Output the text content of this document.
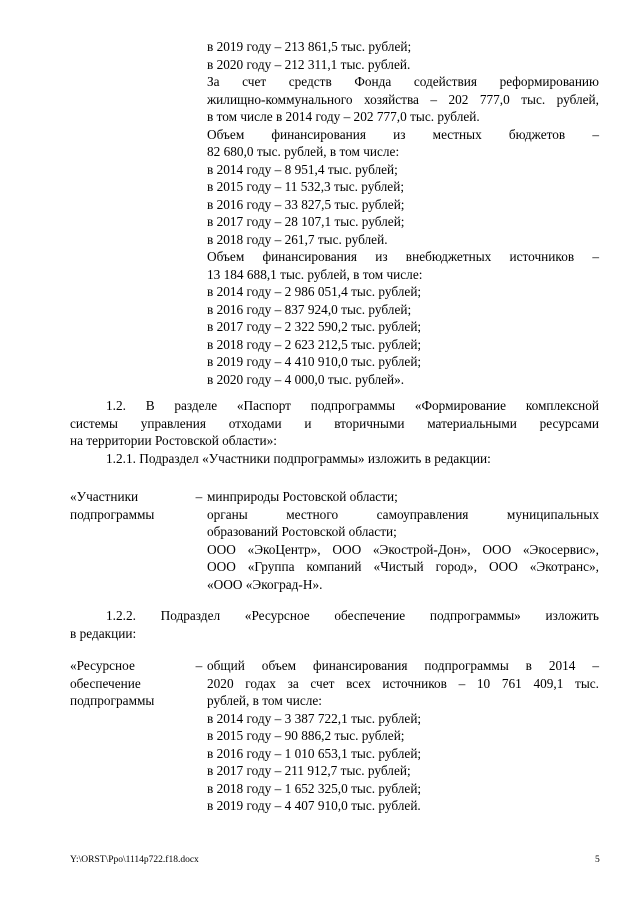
в 2019 году – 213 861,5 тыс. рублей;
в 2020 году – 212 311,1 тыс. рублей.
За счет средств Фонда содействия реформированию
жилищно-коммунального хозяйства – 202 777,0 тыс. рублей,
в том числе в 2014 году – 202 777,0 тыс. рублей.
Объем финансирования из местных бюджетов –
82 680,0 тыс. рублей, в том числе:
в 2014 году – 8 951,4 тыс. рублей;
в 2015 году – 11 532,3 тыс. рублей;
в 2016 году – 33 827,5 тыс. рублей;
в 2017 году – 28 107,1 тыс. рублей;
в 2018 году – 261,7 тыс. рублей.
Объем финансирования из внебюджетных источников –
13 184 688,1 тыс. рублей, в том числе:
в 2014 году – 2 986 051,4 тыс. рублей;
в 2016 году – 837 924,0 тыс. рублей;
в 2017 году – 2 322 590,2 тыс. рублей;
в 2018 году – 2 623 212,5 тыс. рублей;
в 2019 году – 4 410 910,0 тыс. рублей;
в 2020 году – 4 000,0 тыс. рублей».
1.2. В разделе «Паспорт подпрограммы «Формирование комплексной
системы управления отходами и вторичными материальными ресурсами
на территории Ростовской области»:
1.2.1. Подраздел «Участники подпрограммы» изложить в редакции:
«Участники
подпрограммы
– минприроды Ростовской области;
органы местного самоуправления муниципальных
образований Ростовской области;
ООО «ЭкоЦентр», ООО «Экострой-Дон», ООО «Экосервис»,
ООО «Группа компаний «Чистый город», ООО «Экотранс»,
«ООО «Экоград-Н».
1.2.2. Подраздел «Ресурсное обеспечение подпрограммы» изложить
в редакции:
«Ресурсное
обеспечение
подпрограммы
– общий объем финансирования подпрограммы в 2014 –
2020 годах за счет всех источников – 10 761 409,1 тыс.
рублей, в том числе:
в 2014 году – 3 387 722,1 тыс. рублей;
в 2015 году – 90 886,2 тыс. рублей;
в 2016 году – 1 010 653,1 тыс. рублей;
в 2017 году – 211 912,7 тыс. рублей;
в 2018 году – 1 652 325,0 тыс. рублей;
в 2019 году – 4 407 910,0 тыс. рублей.
Y:\ORST\Ppo\1114p722.f18.docx	5
